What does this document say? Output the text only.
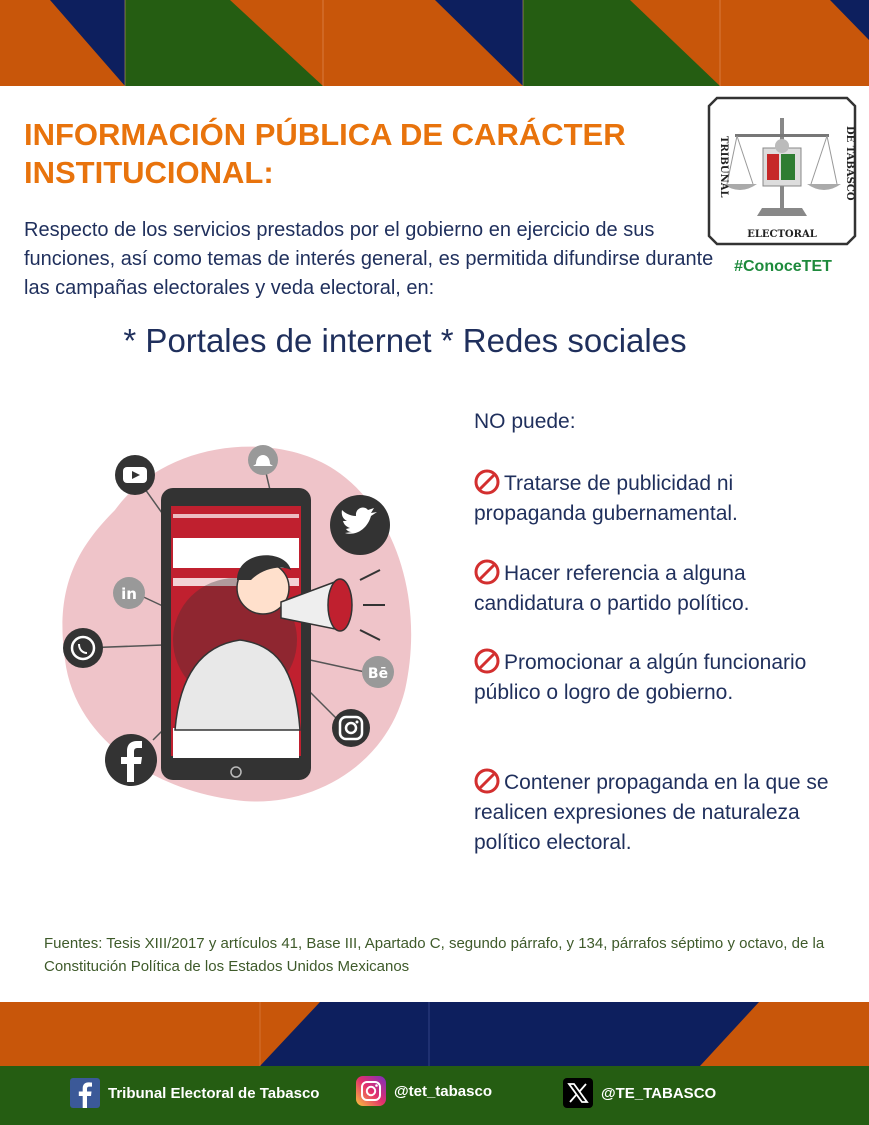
INFORMACIÓN PÚBLICA DE CARÁCTER INSTITUCIONAL:

Respecto de los servicios prestados por el gobierno en ejercicio de sus funciones, así como temas de interés general, es permitida difundirse durante las campañas electorales y veda electoral, en:

TRIBUNAL	DE TABASCO
ELECTORAL
#ConoceTET
* Portales de internet * Redes sociales
in
Bē
NO puede:

Tratarse de publicidad ni propaganda gubernamental.

Hacer referencia a alguna candidatura o partido político.

Promocionar a algún funcionario público o logro de gobierno.

Contener propaganda en la que se realicen expresiones de naturaleza político electoral.

Fuentes: Tesis XIII/2017 y artículos 41, Base III, Apartado C, segundo párrafo, y 134, párrafos séptimo y octavo, de la Constitución Política de los Estados Unidos Mexicanos

Tribunal Electoral de Tabasco	@tet_tabasco	@TE_TABASCO
